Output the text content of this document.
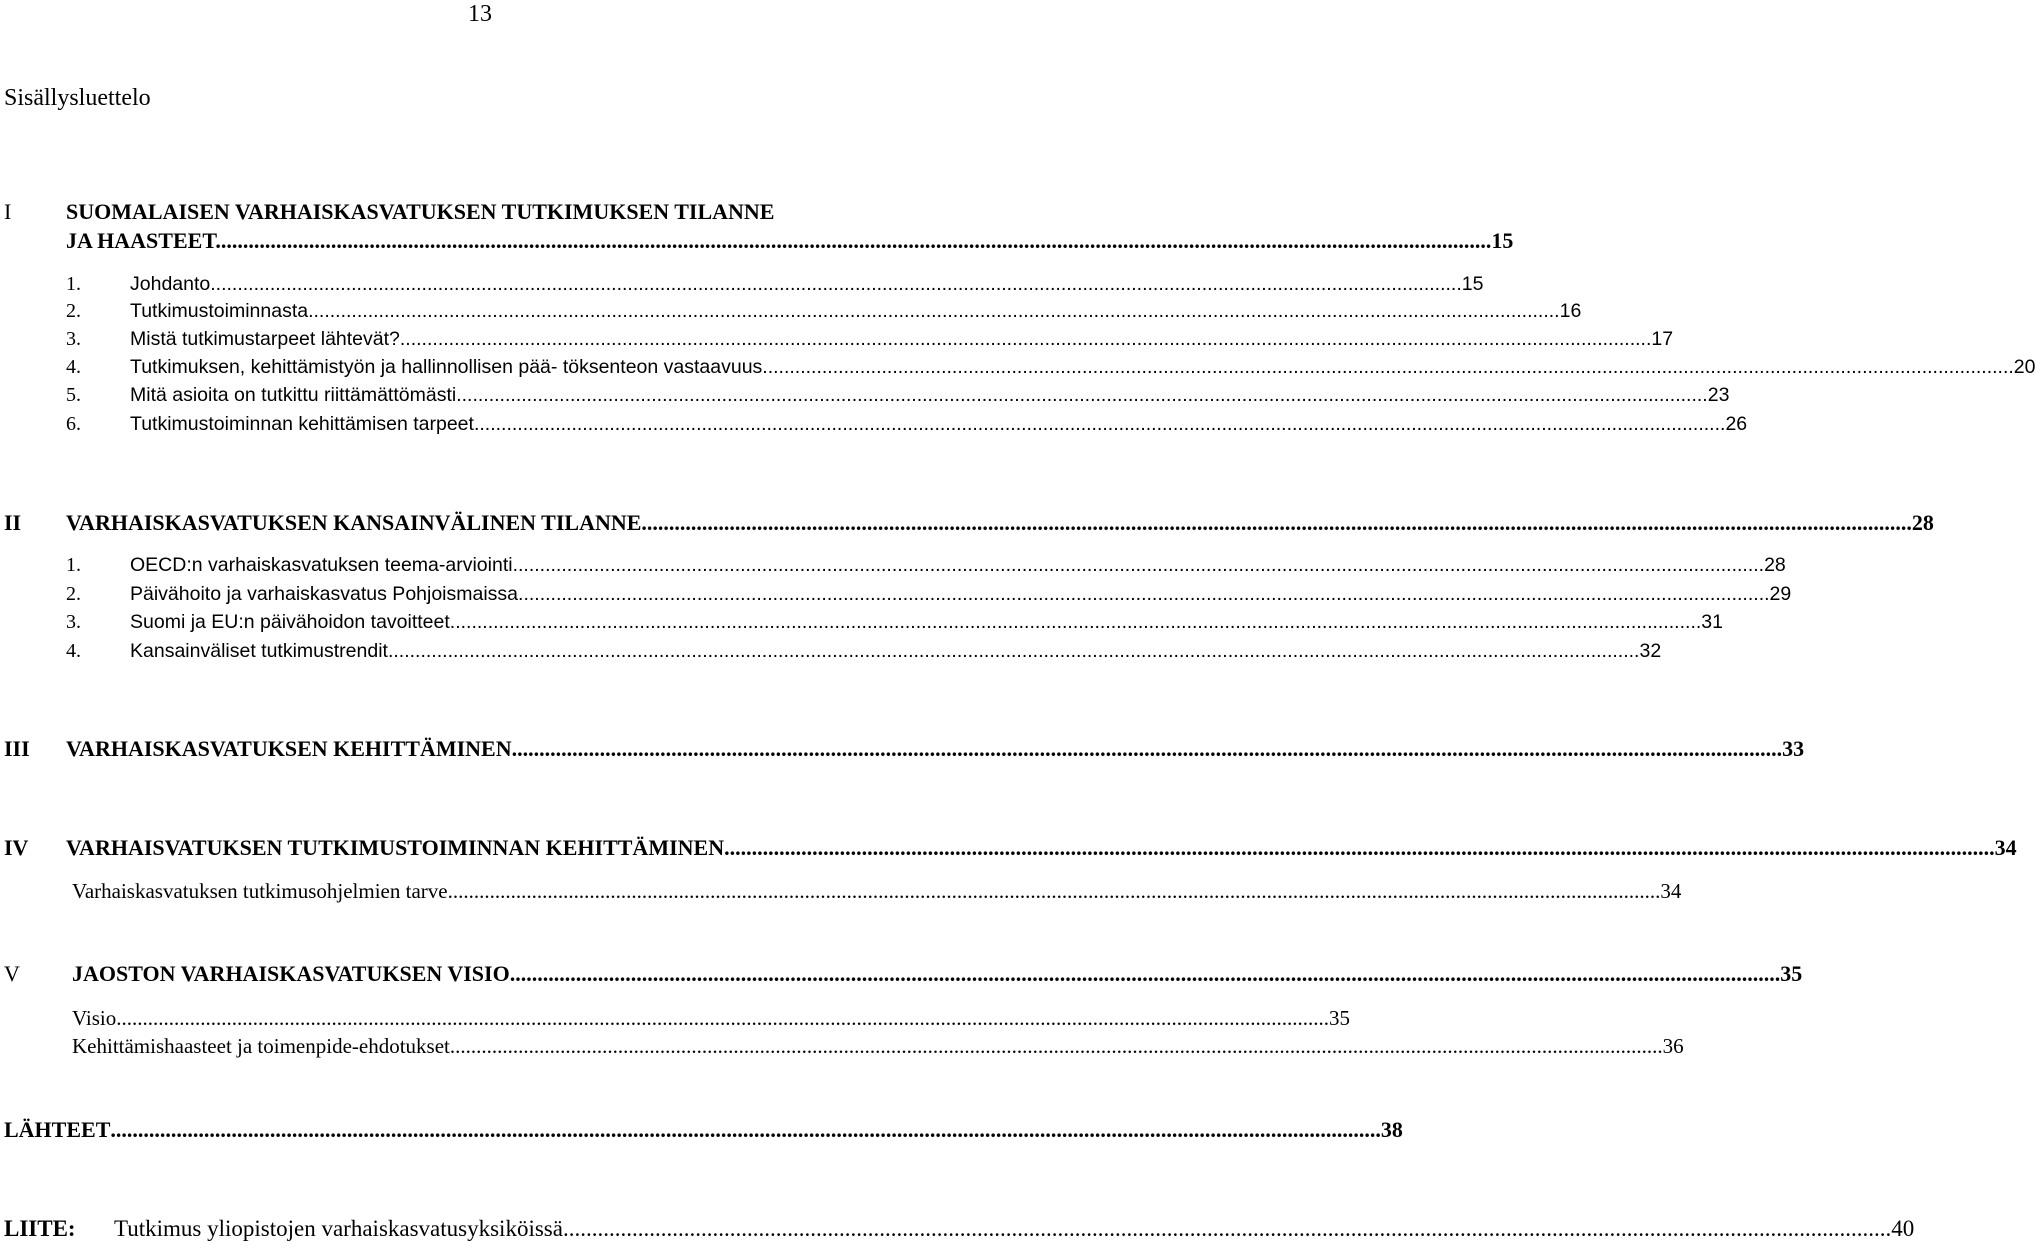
13
Sisällysluettelo
I SUOMALAISEN VARHAISKASVATUKSEN TUTKIMUKSEN TILANNE
JA HAASTEET. ....................................................................................................................................................................................................................................... 15
1.	Johdanto ....................................................................................................................................................................................................................................... 15
2.	Tutkimustoiminnasta ....................................................................................................................................................................................................................................... 16
3.	Mistä tutkimustarpeet lähtevät? ....................................................................................................................................................................................................................................... 17
4.	Tutkimuksen, kehittämistyön ja hallinnollisen pää- töksenteon vastaavuus ....................................................................................................................................................................................................................................... 20
5.	Mitä asioita on tutkittu riittämättömästi ....................................................................................................................................................................................................................................... 23
6.	Tutkimustoiminnan kehittämisen tarpeet ....................................................................................................................................................................................................................................... 26
II VARHAISKASVATUKSEN KANSAINVÄLINEN TILANNE ....................................................................................................................................................................................................................................... 28
1.	OECD:n varhaiskasvatuksen teema-arviointi ....................................................................................................................................................................................................................................... 28
2.	Päivähoito ja varhaiskasvatus Pohjoismaissa ....................................................................................................................................................................................................................................... 29
3.	Suomi ja EU:n päivähoidon tavoitteet ....................................................................................................................................................................................................................................... 31
4.	Kansainväliset tutkimustrendit ....................................................................................................................................................................................................................................... 32
III VARHAISKASVATUKSEN KEHITTÄMINEN ....................................................................................................................................................................................................................................... 33
IV VARHAISVATUKSEN TUTKIMUSTOIMINNAN KEHITTÄMINEN ....................................................................................................................................................................................................................................... 34
Varhaiskasvatuksen tutkimusohjelmien tarve ....................................................................................................................................................................................................................................... 34
V JAOSTON VARHAISKASVATUKSEN VISIO ....................................................................................................................................................................................................................................... 35
Visio ....................................................................................................................................................................................................................................... 35
Kehittämishaasteet ja toimenpide-ehdotukset ....................................................................................................................................................................................................................................... 36
LÄHTEET ....................................................................................................................................................................................................................................... 38
LIITE: Tutkimus yliopistojen varhaiskasvatusyksiköissä ....................................................................................................................................................................................................................................... 40
